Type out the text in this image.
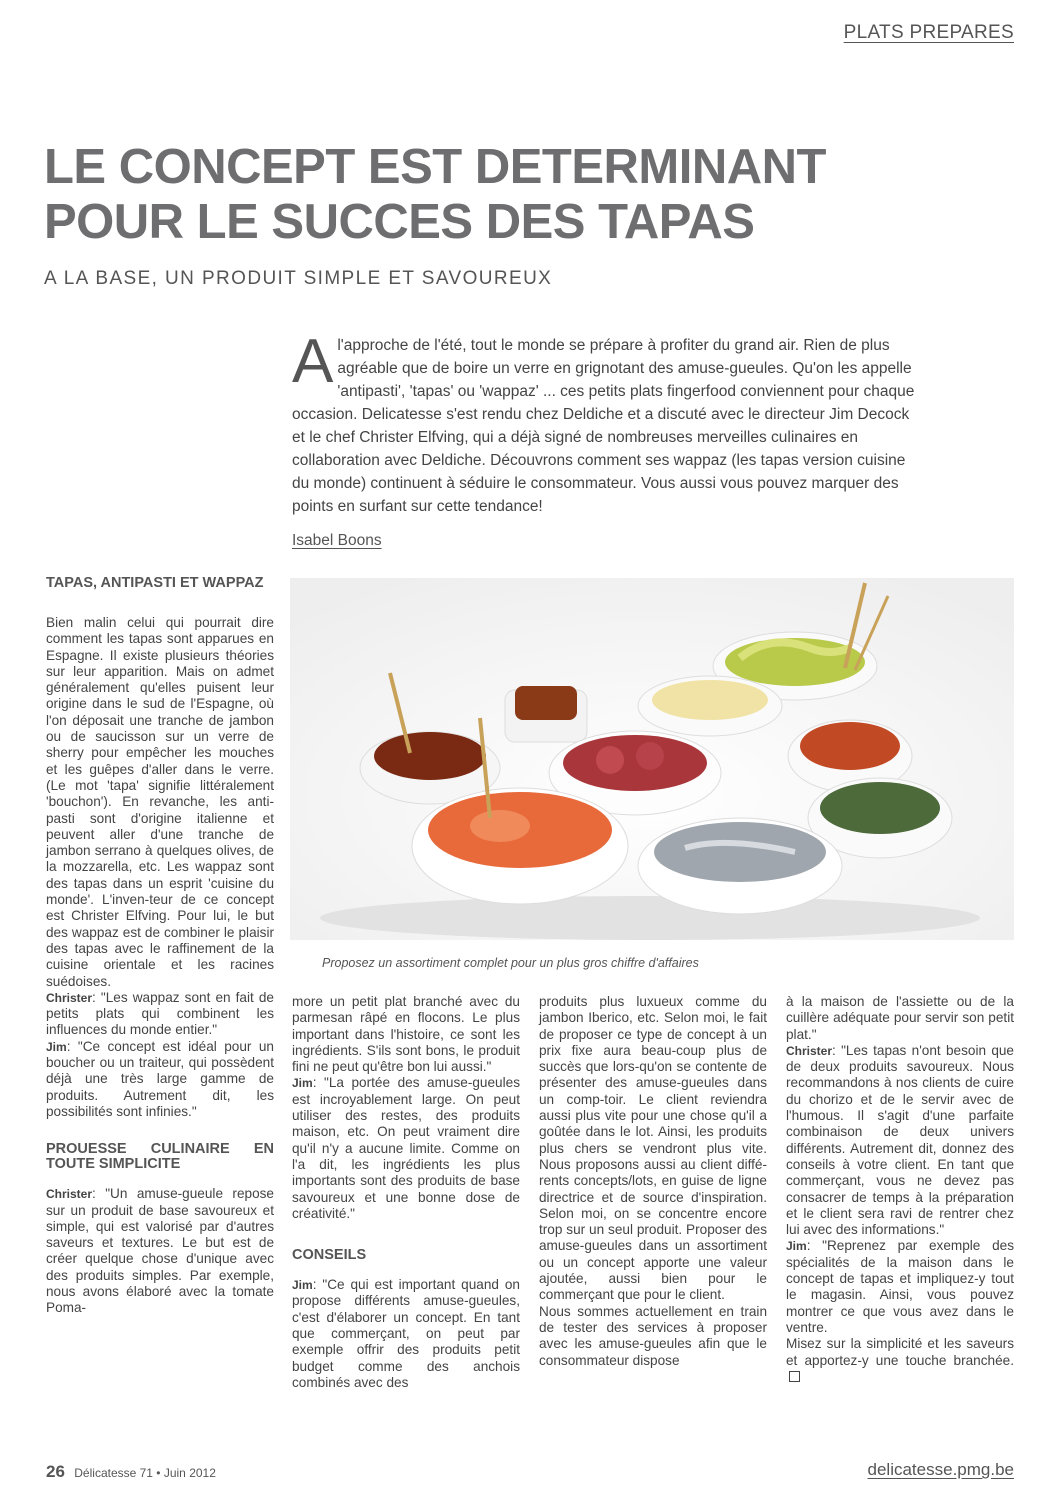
PLATS PREPARES
LE CONCEPT EST DETERMINANT
POUR LE SUCCES DES TAPAS
A LA BASE, UN PRODUIT SIMPLE ET SAVOUREUX
Al'approche de l'été, tout le monde se prépare à profiter du grand air. Rien de plus agréable que de boire un verre en grignotant des amuse-gueules. Qu'on les appelle 'antipasti', 'tapas' ou 'wappaz' ... ces petits plats fingerfood conviennent pour chaque occasion. Delicatesse s'est rendu chez Deldiche et a discuté avec le directeur Jim Decock et le chef Christer Elfving, qui a déjà signé de nombreuses merveilles culinaires en collaboration avec Deldiche. Découvrons comment ses wappaz (les tapas version cuisine du monde) continuent à séduire le consommateur. Vous aussi vous pouvez marquer des points en surfant sur cette tendance!
Isabel Boons
Proposez un assortiment complet pour un plus gros chiffre d'affaires
TAPAS, ANTIPASTI ET WAPPAZ

Bien malin celui qui pourrait dire comment les tapas sont apparues en Espagne. Il existe plusieurs théories sur leur apparition. Mais on admet généralement qu'elles puisent leur origine dans le sud de l'Espagne, où l'on déposait une tranche de jambon ou de saucisson sur un verre de sherry pour empêcher les mouches et les guêpes d'aller dans le verre. (Le mot 'tapa' signifie littéralement 'bouchon'). En revanche, les anti-pasti sont d'origine italienne et peuvent aller d'une tranche de jambon serrano à quelques olives, de la mozzarella, etc. Les wappaz sont des tapas dans un esprit 'cuisine du monde'. L'inven-teur de ce concept est Christer Elfving. Pour lui, le but des wappaz est de combiner le plaisir des tapas avec le raffinement de la cuisine orientale et les racines suédoises.

Christer: "Les wappaz sont en fait de petits plats qui combinent les influences du monde entier."

Jim: "Ce concept est idéal pour un boucher ou un traiteur, qui possèdent déjà une très large gamme de produits. Autrement dit, les possibilités sont infinies."

PROUESSE CULINAIRE EN TOUTE SIMPLICITE

Christer: "Un amuse-gueule repose sur un produit de base savoureux et simple, qui est valorisé par d'autres saveurs et textures. Le but est de créer quelque chose d'unique avec des produits simples. Par exemple, nous avons élaboré avec la tomate Poma-

more un petit plat branché avec du parmesan râpé en flocons. Le plus important dans l'histoire, ce sont les ingrédients. S'ils sont bons, le produit fini ne peut qu'être bon lui aussi."

Jim: "La portée des amuse-gueules est incroyablement large. On peut utiliser des restes, des produits maison, etc. On peut vraiment dire qu'il n'y a aucune limite. Comme on l'a dit, les ingrédients les plus importants sont des produits de base savoureux et une bonne dose de créativité."

CONSEILS

Jim: "Ce qui est important quand on propose différents amuse-gueules, c'est d'élaborer un concept. En tant que commerçant, on peut par exemple offrir des produits petit budget comme des anchois combinés avec des

produits plus luxueux comme du jambon Iberico, etc. Selon moi, le fait de proposer ce type de concept à un prix fixe aura beau-coup plus de succès que lors-qu'on se contente de présenter des amuse-gueules dans un comp-toir. Le client reviendra aussi plus vite pour une chose qu'il a goûtée dans le lot. Ainsi, les produits plus chers se vendront plus vite. Nous proposons aussi au client diffé-rents concepts/lots, en guise de ligne directrice et de source d'inspiration. Selon moi, on se concentre encore trop sur un seul produit. Proposer des amuse-gueules dans un assortiment ou un concept apporte une valeur ajoutée, aussi bien pour le commerçant que pour le client.

Nous sommes actuellement en train de tester des services à proposer avec les amuse-gueules afin que le consommateur dispose

à la maison de l'assiette ou de la cuillère adéquate pour servir son petit plat."

Christer: "Les tapas n'ont besoin que de deux produits savoureux. Nous recommandons à nos clients de cuire du chorizo et de le servir avec de l'humous. Il s'agit d'une parfaite combinaison de deux univers différents. Autrement dit, donnez des conseils à votre client. En tant que commerçant, vous ne devez pas consacrer de temps à la préparation et le client sera ravi de rentrer chez lui avec des informations."

Jim: "Reprenez par exemple des spécialités de la maison dans le concept de tapas et impliquez-y tout le magasin. Ainsi, vous pouvez montrer ce que vous avez dans le ventre.

Misez sur la simplicité et les saveurs et apportez-y une touche branchée.

26 Délicatesse 71 • Juin 2012	delicatesse.pmg.be
